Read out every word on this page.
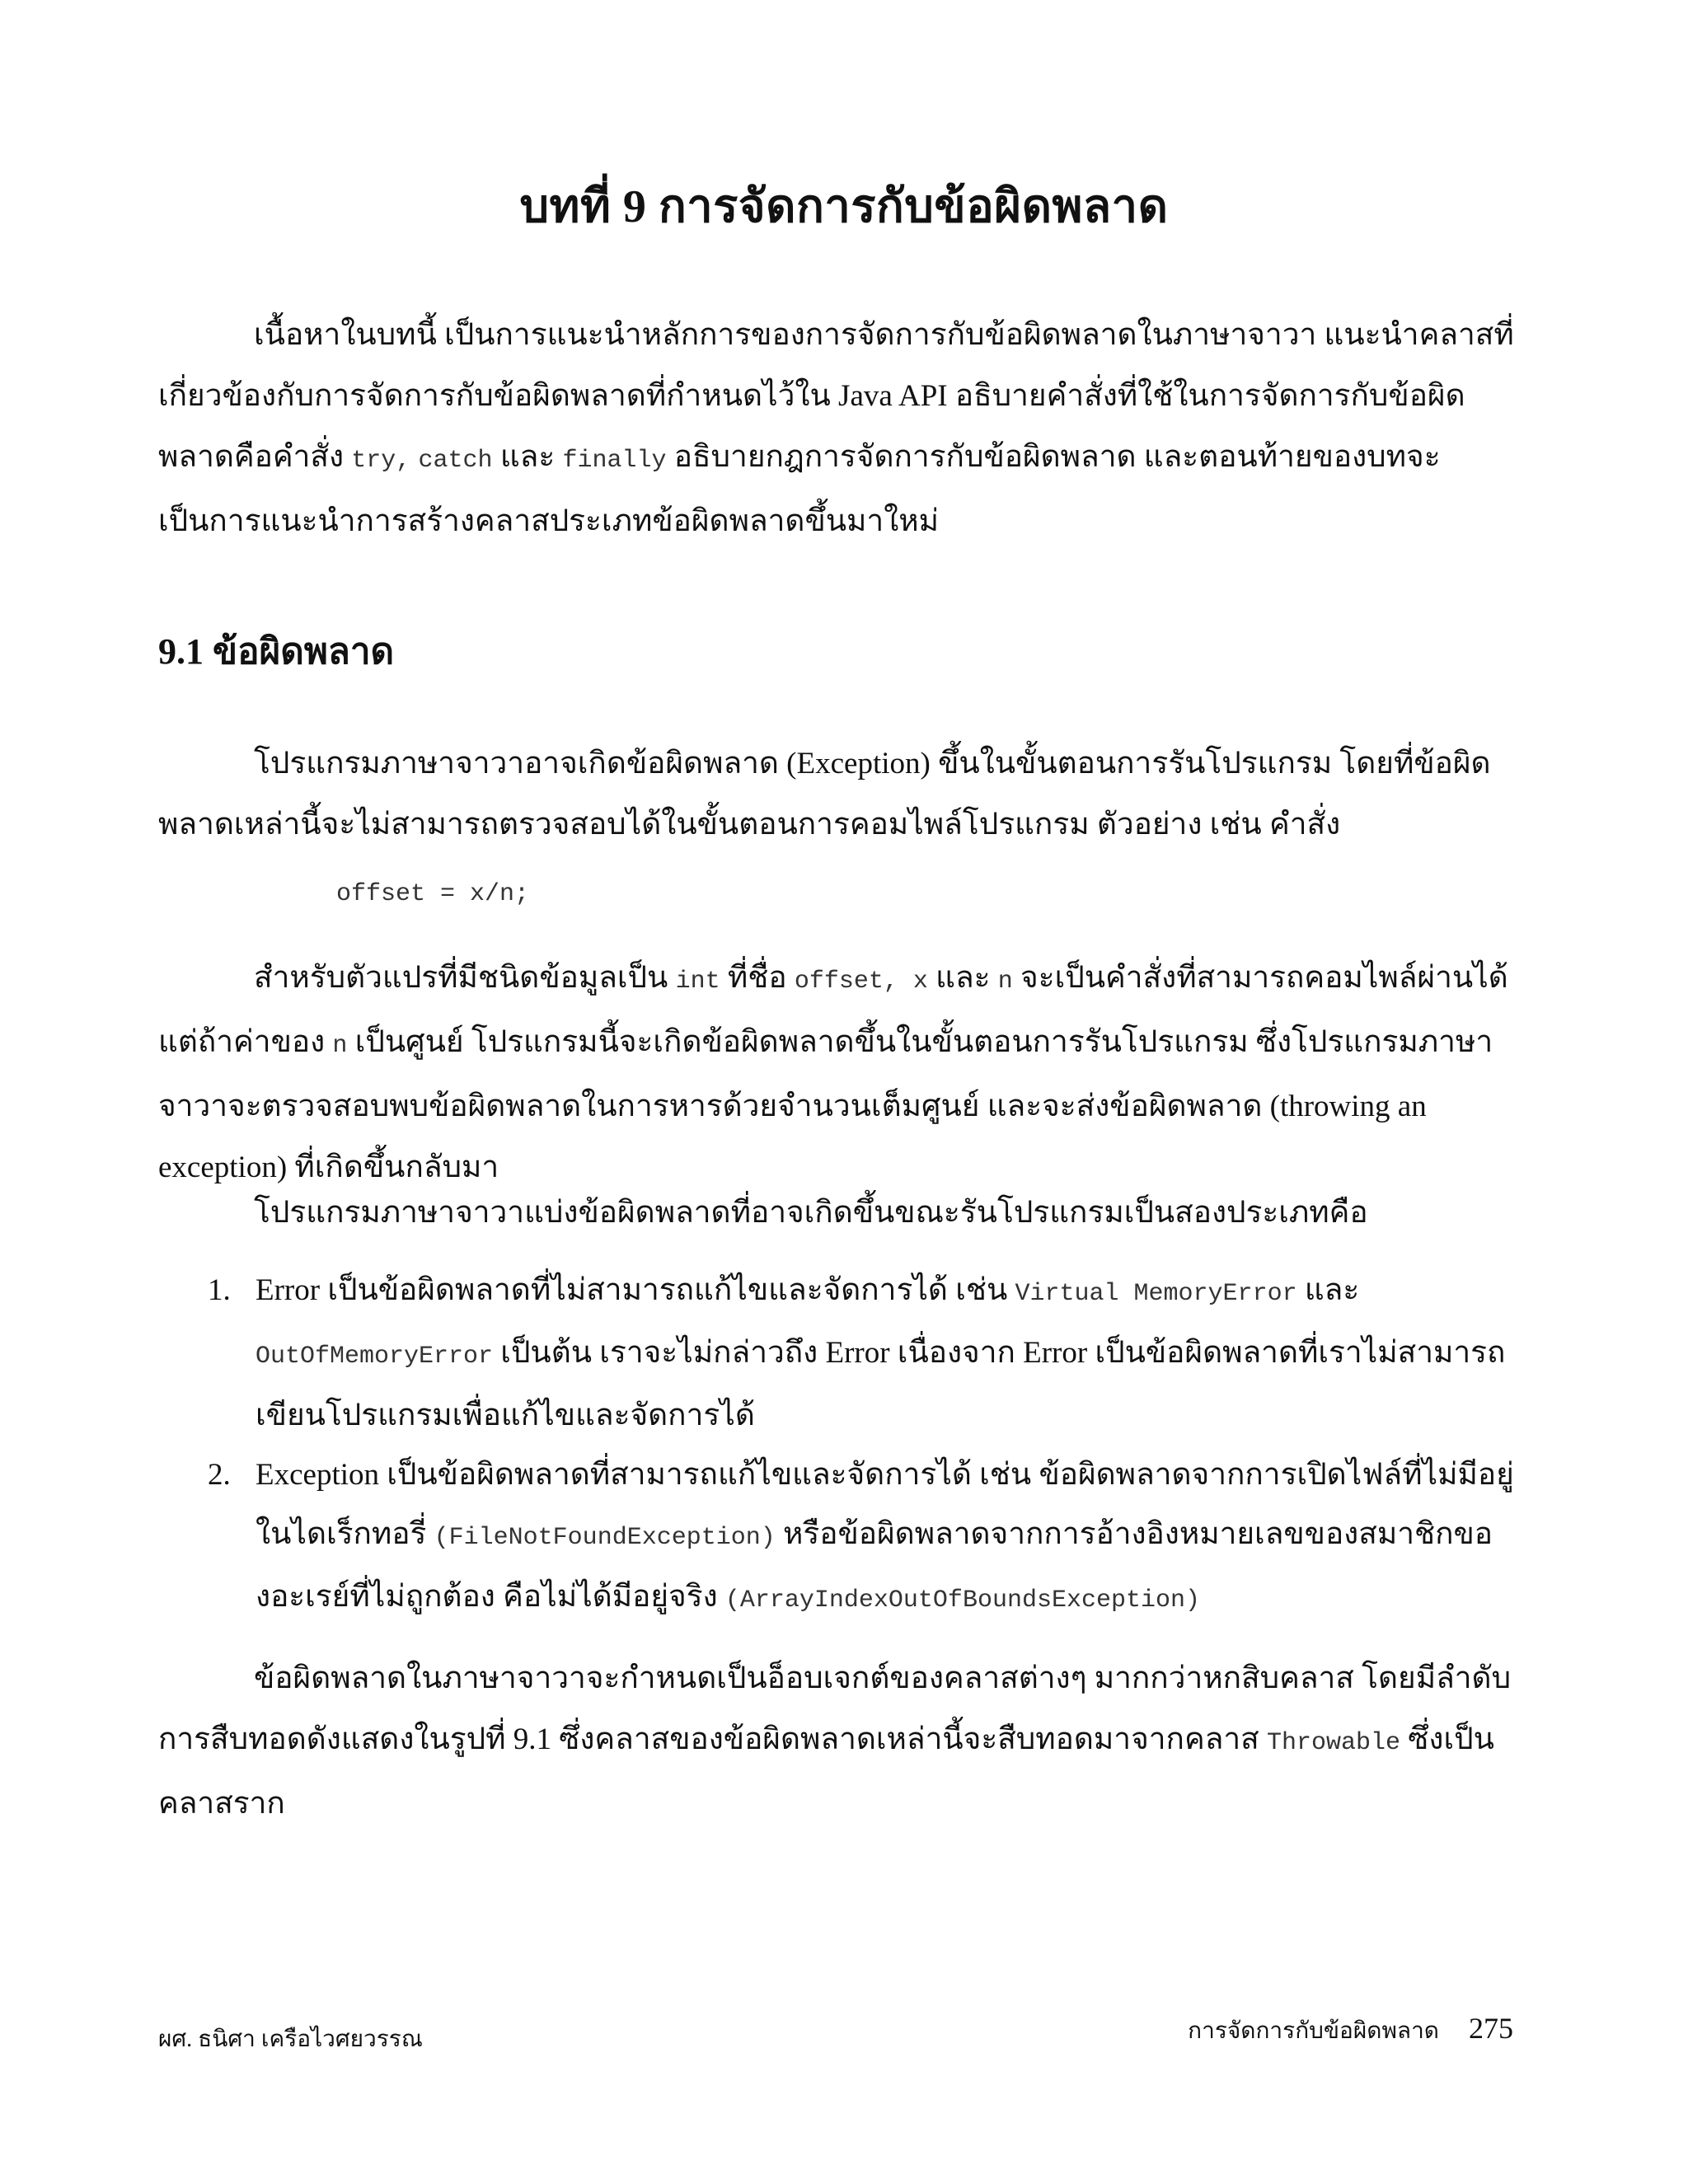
บทที่ 9 การจัดการกับข้อผิดพลาด

เนื้อหาในบทนี้ เป็นการแนะนำหลักการของการจัดการกับข้อผิดพลาดในภาษาจาวา แนะนำคลาสที่เกี่ยวข้องกับการจัดการกับข้อผิดพลาดที่กำหนดไว้ใน Java API อธิบายคำสั่งที่ใช้ในการจัดการกับข้อผิดพลาดคือคำสั่ง try, catch และ finally อธิบายกฎการจัดการกับข้อผิดพลาด และตอนท้ายของบทจะเป็นการแนะนำการสร้างคลาสประเภทข้อผิดพลาดขึ้นมาใหม่

9.1 ข้อผิดพลาด

โปรแกรมภาษาจาวาอาจเกิดข้อผิดพลาด (Exception) ขึ้นในขั้นตอนการรันโปรแกรม โดยที่ข้อผิดพลาดเหล่านี้จะไม่สามารถตรวจสอบได้ในขั้นตอนการคอมไพล์โปรแกรม ตัวอย่าง เช่น คำสั่ง

offset = x/n;

สำหรับตัวแปรที่มีชนิดข้อมูลเป็น int ที่ชื่อ offset, x และ n จะเป็นคำสั่งที่สามารถคอมไพล์ผ่านได้ แต่ถ้าค่าของ n เป็นศูนย์ โปรแกรมนี้จะเกิดข้อผิดพลาดขึ้นในขั้นตอนการรันโปรแกรม ซึ่งโปรแกรมภาษาจาวาจะตรวจสอบพบข้อผิดพลาดในการหารด้วยจำนวนเต็มศูนย์ และจะส่งข้อผิดพลาด (throwing an exception) ที่เกิดขึ้นกลับมา

โปรแกรมภาษาจาวาแบ่งข้อผิดพลาดที่อาจเกิดขึ้นขณะรันโปรแกรมเป็นสองประเภทคือ

1. Error เป็นข้อผิดพลาดที่ไม่สามารถแก้ไขและจัดการได้ เช่น Virtual MemoryError และ OutOfMemoryError เป็นต้น เราจะไม่กล่าวถึง Error เนื่องจาก Error เป็นข้อผิดพลาดที่เราไม่สามารถเขียนโปรแกรมเพื่อแก้ไขและจัดการได้
2. Exception เป็นข้อผิดพลาดที่สามารถแก้ไขและจัดการได้ เช่น ข้อผิดพลาดจากการเปิดไฟล์ที่ไม่มีอยู่ในไดเร็กทอรี่ (FileNotFoundException) หรือข้อผิดพลาดจากการอ้างอิงหมายเลขของสมาชิกของอะเรย์ที่ไม่ถูกต้อง คือไม่ได้มีอยู่จริง (ArrayIndexOutOfBoundsException)

ข้อผิดพลาดในภาษาจาวาจะกำหนดเป็นอ็อบเจกต์ของคลาสต่างๆ มากกว่าหกสิบคลาส โดยมีลำดับการสืบทอดดังแสดงในรูปที่ 9.1 ซึ่งคลาสของข้อผิดพลาดเหล่านี้จะสืบทอดมาจากคลาส Throwable ซึ่งเป็นคลาสราก

ผศ. ธนิศา เครือไวศยวรรณ	การจัดการกับข้อผิดพลาด 275
